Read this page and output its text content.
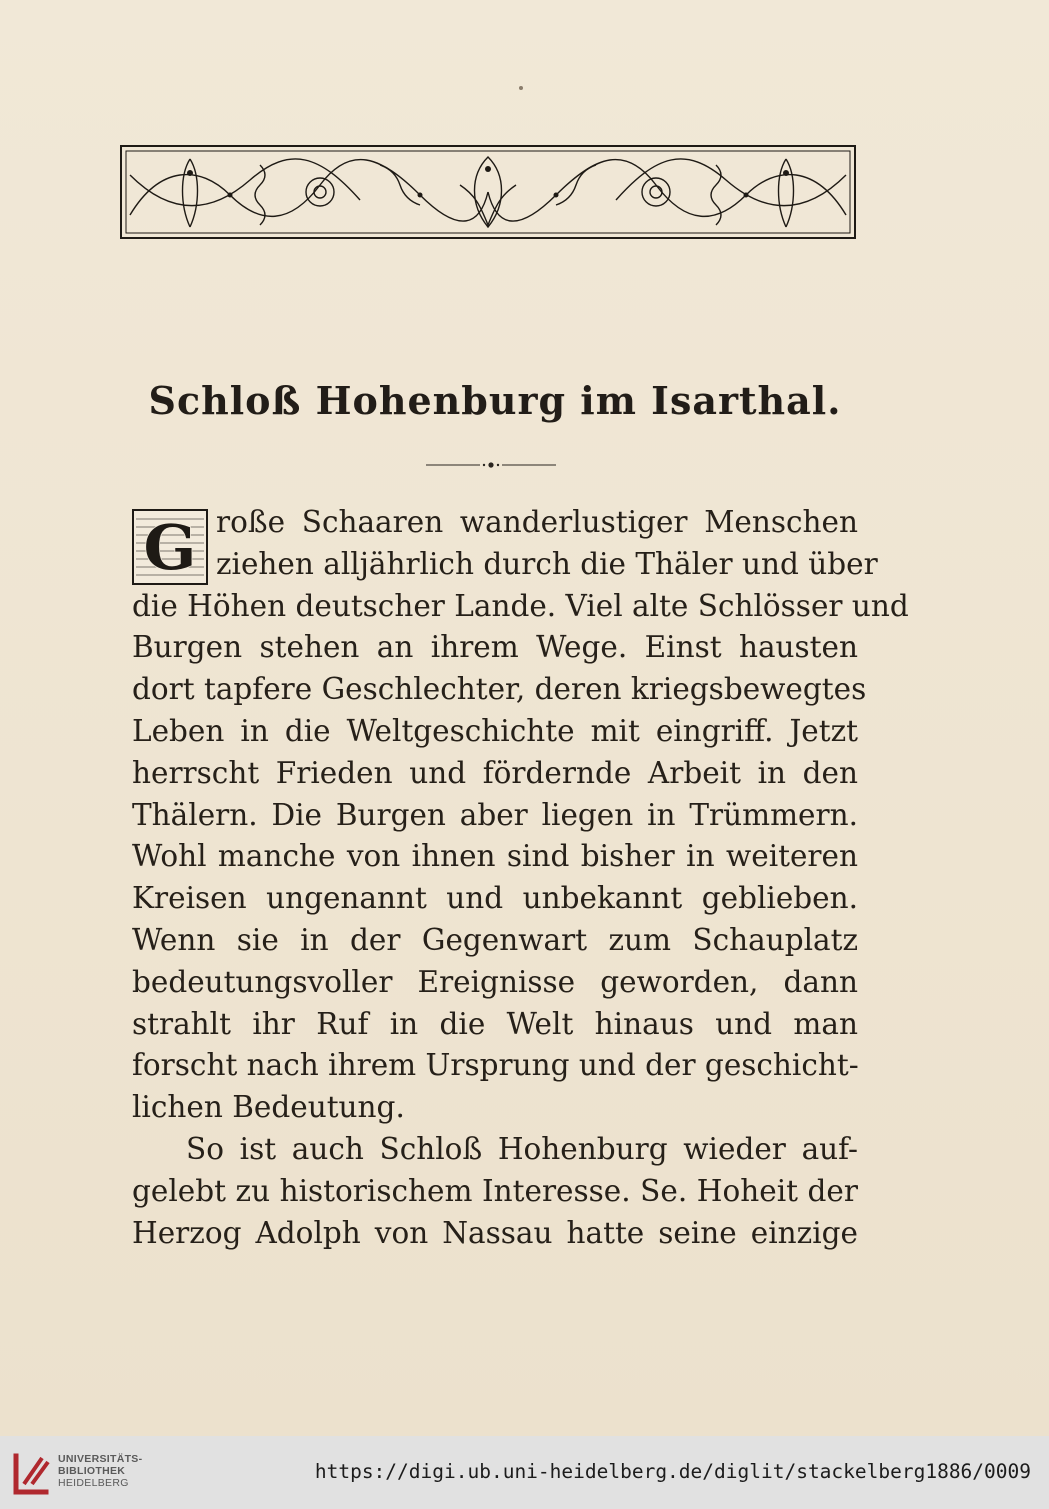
Schloß Hohenburg im Isarthal.
G roße Schaaren wanderlustiger Menschen
ziehen alljährlich durch die Thäler und über
die Höhen deutscher Lande. Viel alte Schlösser und
Burgen stehen an ihrem Wege. Einst hausten
dort tapfere Geschlechter, deren kriegsbewegtes
Leben in die Weltgeschichte mit eingriff. Jetzt
herrscht Frieden und fördernde Arbeit in den
Thälern. Die Burgen aber liegen in Trümmern.
Wohl manche von ihnen sind bisher in weiteren
Kreisen ungenannt und unbekannt geblieben.
Wenn sie in der Gegenwart zum Schauplatz
bedeutungsvoller Ereignisse geworden, dann
strahlt ihr Ruf in die Welt hinaus und man
forscht nach ihrem Ursprung und der geschicht-
lichen Bedeutung.
So ist auch Schloß Hohenburg wieder auf-
gelebt zu historischem Interesse. Se. Hoheit der
Herzog Adolph von Nassau hatte seine einzige
UNIVERSITÄTS-
BIBLIOTHEK
HEIDELBERG	https://digi.ub.uni-heidelberg.de/diglit/stackelberg1886/0009
